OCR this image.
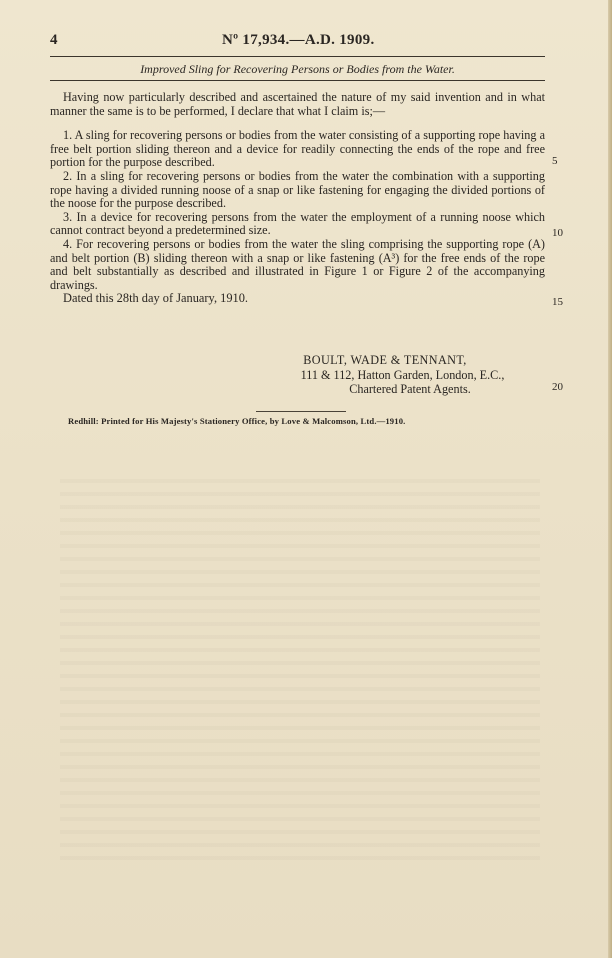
4	Nº 17,934.—A.D. 1909.
Improved Sling for Recovering Persons or Bodies from the Water.

Having now particularly described and ascertained the nature of my said invention and in what manner the same is to be performed, I declare that what I claim is;—

1. A sling for recovering persons or bodies from the water consisting of a supporting rope having a free belt portion sliding thereon and a device for readily connecting the ends of the rope and free portion for the purpose described.

2. In a sling for recovering persons or bodies from the water the combination with a supporting rope having a divided running noose of a snap or like fastening for engaging the divided portions of the noose for the purpose described.

3. In a device for recovering persons from the water the employment of a running noose which cannot contract beyond a predetermined size.

4. For recovering persons or bodies from the water the sling comprising the supporting rope (A) and belt portion (B) sliding thereon with a snap or like fastening (A³) for the free ends of the rope and belt substantially as described and illustrated in Figure 1 or Figure 2 of the accompanying drawings.

Dated this 28th day of January, 1910.

BOULT, WADE & TENNANT,
111 & 112, Hatton Garden, London, E.C.,
Chartered Patent Agents.
5
10
15
20
Redhill: Printed for His Majesty's Stationery Office, by Love & Malcomson, Ltd.—1910.
